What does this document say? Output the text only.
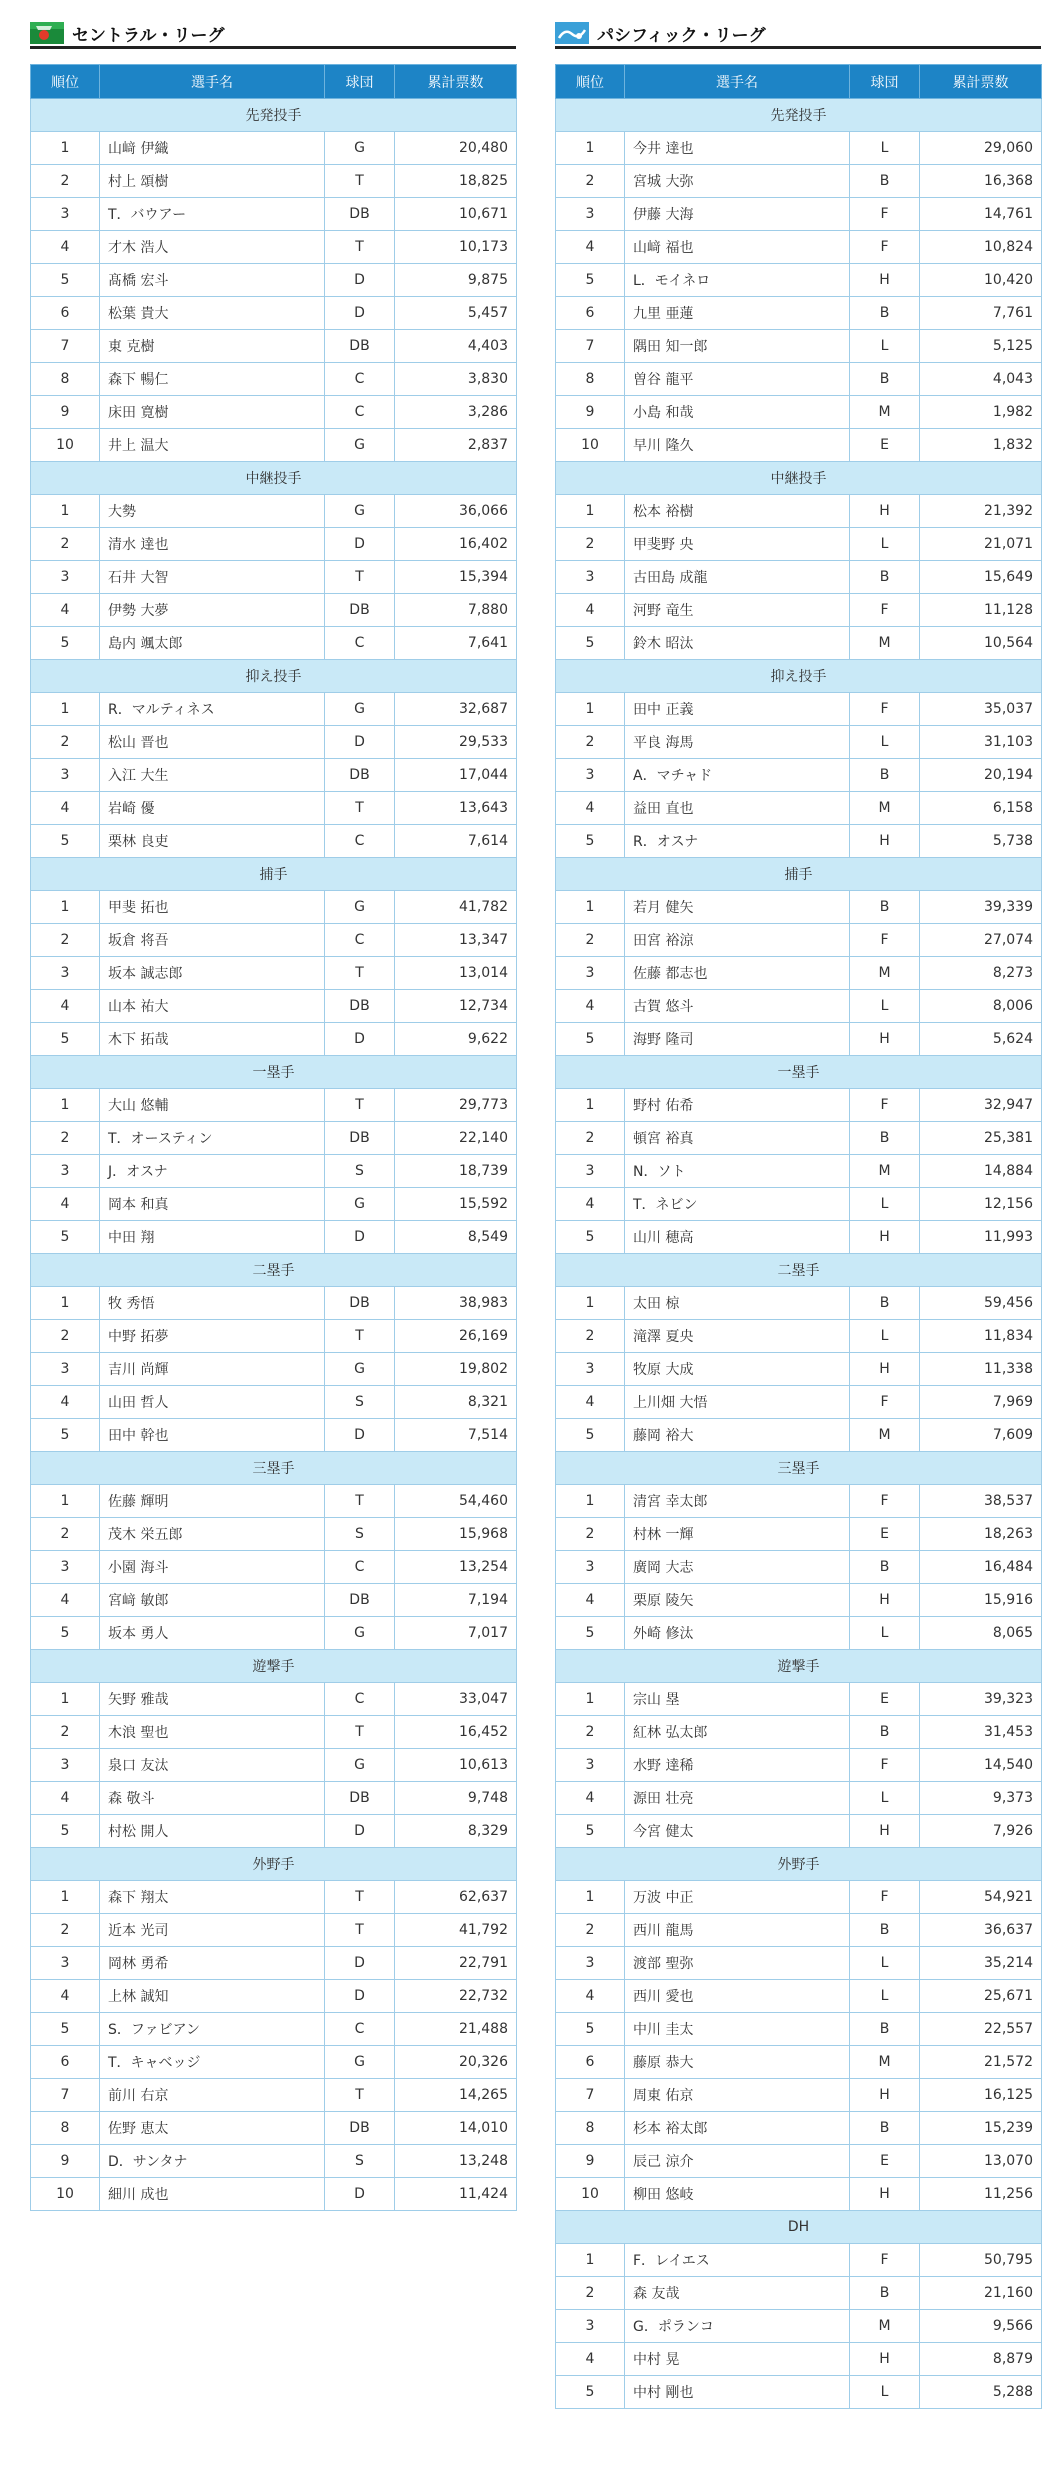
セントラル・リーグ
順位	選手名	球団	累計票数
先発投手			
1	山﨑 伊織	G	20,480
2	村上 頌樹	T	18,825
3	T．バウアー	DB	10,671
4	才木 浩人	T	10,173
5	髙橋 宏斗	D	9,875
6	松葉 貴大	D	5,457
7	東 克樹	DB	4,403
8	森下 暢仁	C	3,830
9	床田 寛樹	C	3,286
10	井上 温大	G	2,837
中継投手			
1	大勢	G	36,066
2	清水 達也	D	16,402
3	石井 大智	T	15,394
4	伊勢 大夢	DB	7,880
5	島内 颯太郎	C	7,641
抑え投手			
1	R．マルティネス	G	32,687
2	松山 晋也	D	29,533
3	入江 大生	DB	17,044
4	岩崎 優	T	13,643
5	栗林 良吏	C	7,614
捕手			
1	甲斐 拓也	G	41,782
2	坂倉 将吾	C	13,347
3	坂本 誠志郎	T	13,014
4	山本 祐大	DB	12,734
5	木下 拓哉	D	9,622
一塁手			
1	大山 悠輔	T	29,773
2	T．オースティン	DB	22,140
3	J．オスナ	S	18,739
4	岡本 和真	G	15,592
5	中田 翔	D	8,549
二塁手			
1	牧 秀悟	DB	38,983
2	中野 拓夢	T	26,169
3	吉川 尚輝	G	19,802
4	山田 哲人	S	8,321
5	田中 幹也	D	7,514
三塁手			
1	佐藤 輝明	T	54,460
2	茂木 栄五郎	S	15,968
3	小園 海斗	C	13,254
4	宮﨑 敏郎	DB	7,194
5	坂本 勇人	G	7,017
遊撃手			
1	矢野 雅哉	C	33,047
2	木浪 聖也	T	16,452
3	泉口 友汰	G	10,613
4	森 敬斗	DB	9,748
5	村松 開人	D	8,329
外野手			
1	森下 翔太	T	62,637
2	近本 光司	T	41,792
3	岡林 勇希	D	22,791
4	上林 誠知	D	22,732
5	S．ファビアン	C	21,488
6	T．キャベッジ	G	20,326
7	前川 右京	T	14,265
8	佐野 恵太	DB	14,010
9	D．サンタナ	S	13,248
10	細川 成也	D	11,424
パシフィック・リーグ
順位	選手名	球団	累計票数
先発投手			
1	今井 達也	L	29,060
2	宮城 大弥	B	16,368
3	伊藤 大海	F	14,761
4	山﨑 福也	F	10,824
5	L．モイネロ	H	10,420
6	九里 亜蓮	B	7,761
7	隅田 知一郎	L	5,125
8	曽谷 龍平	B	4,043
9	小島 和哉	M	1,982
10	早川 隆久	E	1,832
中継投手			
1	松本 裕樹	H	21,392
2	甲斐野 央	L	21,071
3	古田島 成龍	B	15,649
4	河野 竜生	F	11,128
5	鈴木 昭汰	M	10,564
抑え投手			
1	田中 正義	F	35,037
2	平良 海馬	L	31,103
3	A．マチャド	B	20,194
4	益田 直也	M	6,158
5	R．オスナ	H	5,738
捕手			
1	若月 健矢	B	39,339
2	田宮 裕涼	F	27,074
3	佐藤 都志也	M	8,273
4	古賀 悠斗	L	8,006
5	海野 隆司	H	5,624
一塁手			
1	野村 佑希	F	32,947
2	頓宮 裕真	B	25,381
3	N．ソト	M	14,884
4	T．ネビン	L	12,156
5	山川 穂高	H	11,993
二塁手			
1	太田 椋	B	59,456
2	滝澤 夏央	L	11,834
3	牧原 大成	H	11,338
4	上川畑 大悟	F	7,969
5	藤岡 裕大	M	7,609
三塁手			
1	清宮 幸太郎	F	38,537
2	村林 一輝	E	18,263
3	廣岡 大志	B	16,484
4	栗原 陵矢	H	15,916
5	外崎 修汰	L	8,065
遊撃手			
1	宗山 塁	E	39,323
2	紅林 弘太郎	B	31,453
3	水野 達稀	F	14,540
4	源田 壮亮	L	9,373
5	今宮 健太	H	7,926
外野手			
1	万波 中正	F	54,921
2	西川 龍馬	B	36,637
3	渡部 聖弥	L	35,214
4	西川 愛也	L	25,671
5	中川 圭太	B	22,557
6	藤原 恭大	M	21,572
7	周東 佑京	H	16,125
8	杉本 裕太郎	B	15,239
9	辰己 涼介	E	13,070
10	柳田 悠岐	H	11,256
DH			
1	F．レイエス	F	50,795
2	森 友哉	B	21,160
3	G．ポランコ	M	9,566
4	中村 晃	H	8,879
5	中村 剛也	L	5,288
